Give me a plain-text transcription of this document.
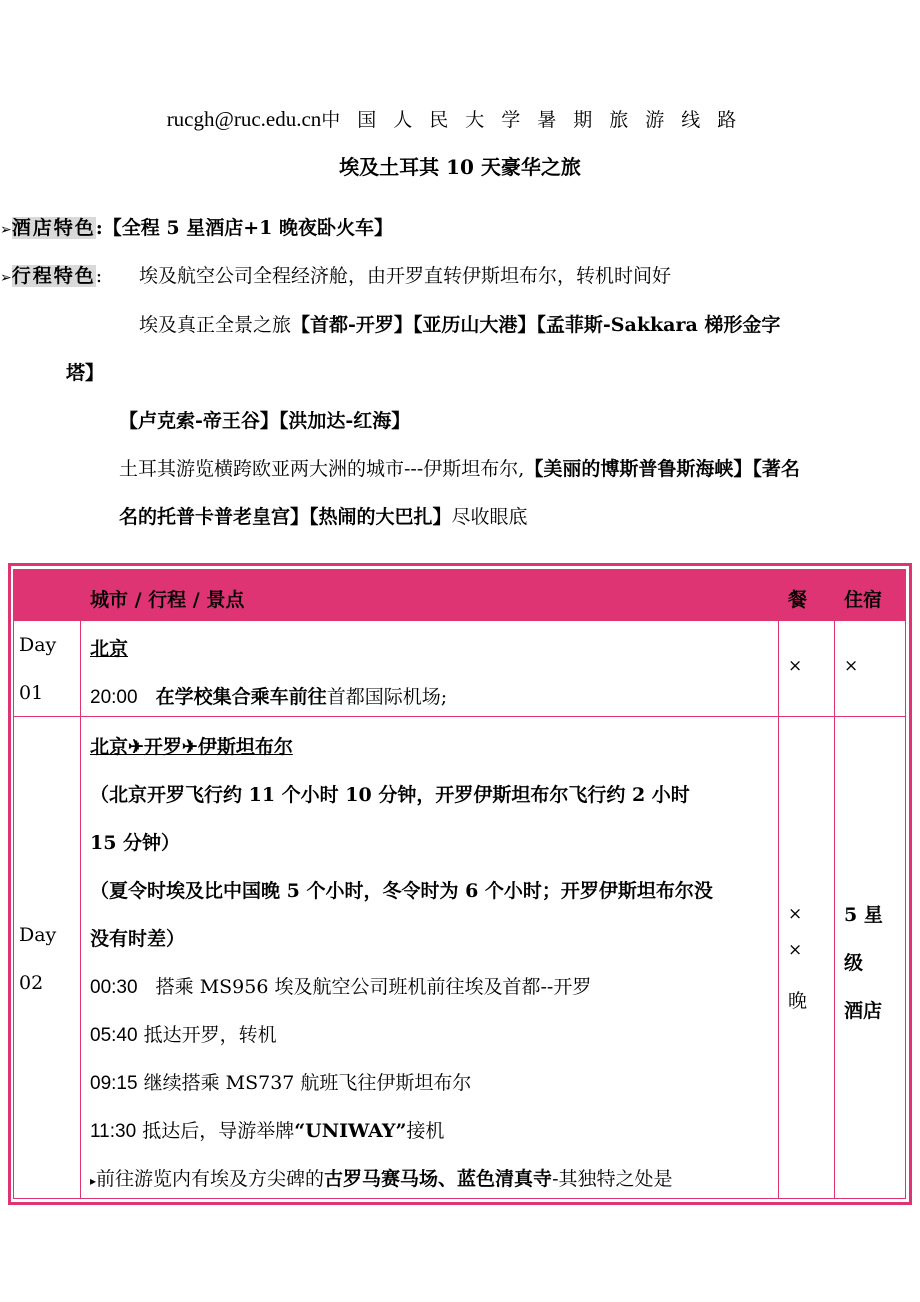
rucgh@ruc.edu.cn中国人民大学暑期旅游线路
埃及土耳其 10 天豪华之旅
➢酒店特色:【全程 5 星酒店+1 晚夜卧火车】
➢行程特色: 埃及航空公司全程经济舱，由开罗直转伊斯坦布尔，转机时间好
埃及真正全景之旅【首都-开罗】【亚历山大港】【孟菲斯-Sakkara 梯形金字
塔】
【卢克索-帝王谷】【洪加达-红海】
土耳其游览横跨欧亚两大洲的城市---伊斯坦布尔,【美丽的博斯普鲁斯海峡】【著名
名的托普卡普老皇宫】【热闹的大巴扎】尽收眼底
城市 / 行程 / 景点	餐 住宿
Day
01
北京
20:00 在学校集合乘车前往首都国际机场;
× ×
Day
02
北京✈开罗✈伊斯坦布尔
（北京开罗飞行约 11 个小时 10 分钟，开罗伊斯坦布尔飞行约 2 小时
15 分钟）
（夏令时埃及比中国晚 5 个小时，冬令时为 6 个小时；开罗伊斯坦布尔没
没有时差）
00:30 搭乘 MS956 埃及航空公司班机前往埃及首都--开罗
05:40 抵达开罗，转机
09:15 继续搭乘 MS737 航班飞往伊斯坦布尔
11:30 抵达后，导游举牌“UNIWAY”接机
▸前往游览内有埃及方尖碑的古罗马赛马场、蓝色清真寺-其独特之处是
×
×
晚
5 星
级
酒店
